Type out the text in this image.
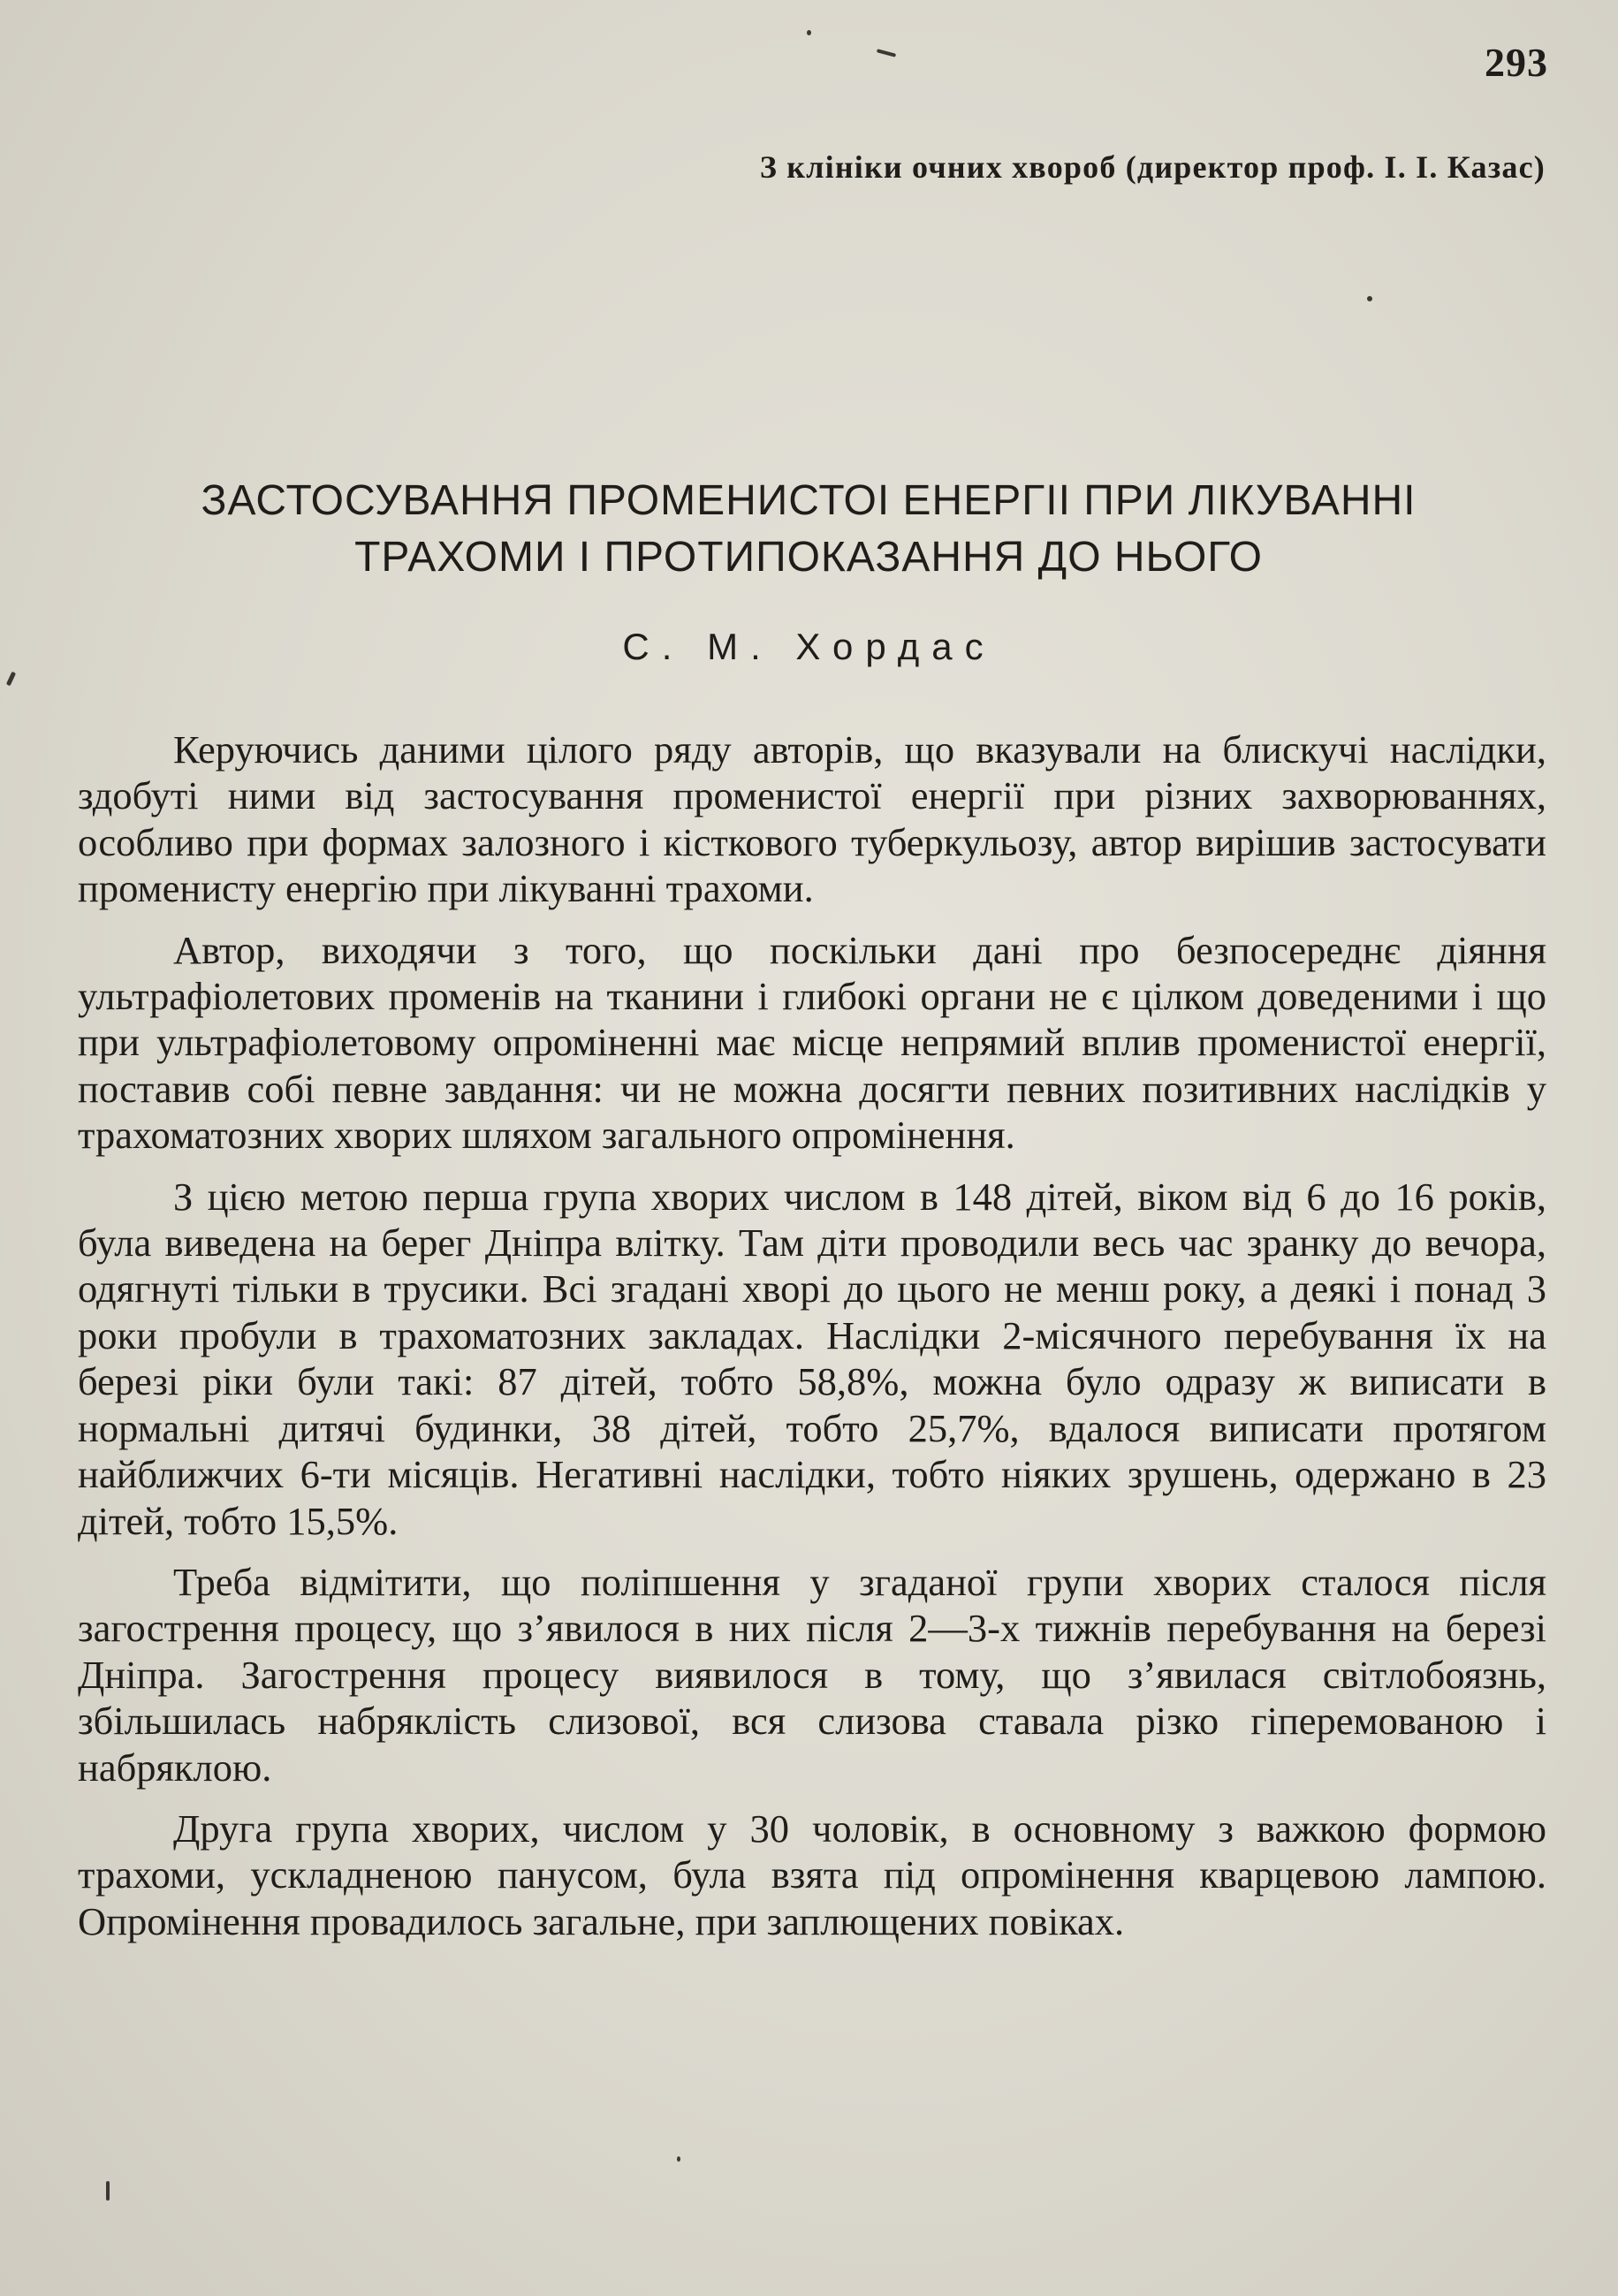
293
З клініки очних хвороб (директор проф. І. І. Казас)
ЗАСТОСУВАННЯ ПРОМЕНИСТОІ ЕНЕРГІІ ПРИ ЛІКУВАННІ
ТРАХОМИ І ПРОТИПОКАЗАННЯ ДО НЬОГО
С. М. Хордас

Керуючись даними цілого ряду авторів, що вказували на блискучі наслідки, здобуті ними від застосування променистої енергії при різних захворюваннях, особливо при формах залозного і кісткового туберкульозу, автор вирішив застосувати променисту енергію при лікуванні трахоми.

Автор, виходячи з того, що поскільки дані про безпосереднє діяння ультрафіолетових променів на тканини і глибокі органи не є цілком доведеними і що при ультрафіолетовому опроміненні має місце непрямий вплив променистої енергії, поставив собі певне завдання: чи не можна досягти певних позитивних наслідків у трахоматозних хворих шляхом загального опромінення.

З цією метою перша група хворих числом в 148 дітей, віком від 6 до 16 років, була виведена на берег Дніпра влітку. Там діти проводили весь час зранку до вечора, одягнуті тільки в трусики. Всі згадані хворі до цього не менш року, а деякі і понад 3 роки пробули в трахоматозних закладах. Наслідки 2-місячного перебування їх на березі ріки були такі: 87 дітей, тобто 58,8%, можна було одразу ж виписати в нормальні дитячі будинки, 38 дітей, тобто 25,7%, вдалося виписати протягом найближчих 6-ти місяців. Негативні наслідки, тобто ніяких зрушень, одержано в 23 дітей, тобто 15,5%.

Треба відмітити, що поліпшення у згаданої групи хворих сталося після загострення процесу, що з’явилося в них після 2—3-х тижнів перебування на березі Дніпра. Загострення процесу виявилося в тому, що з’явилася світлобоязнь, збільшилась набряклість слизової, вся слизова ставала різко гіперемованою і набряклою.

Друга група хворих, числом у 30 чоловік, в основному з важкою формою трахоми, ускладненою панусом, була взята під опромінення кварцевою лампою. Опромінення провадилось загальне, при заплющених повіках.
